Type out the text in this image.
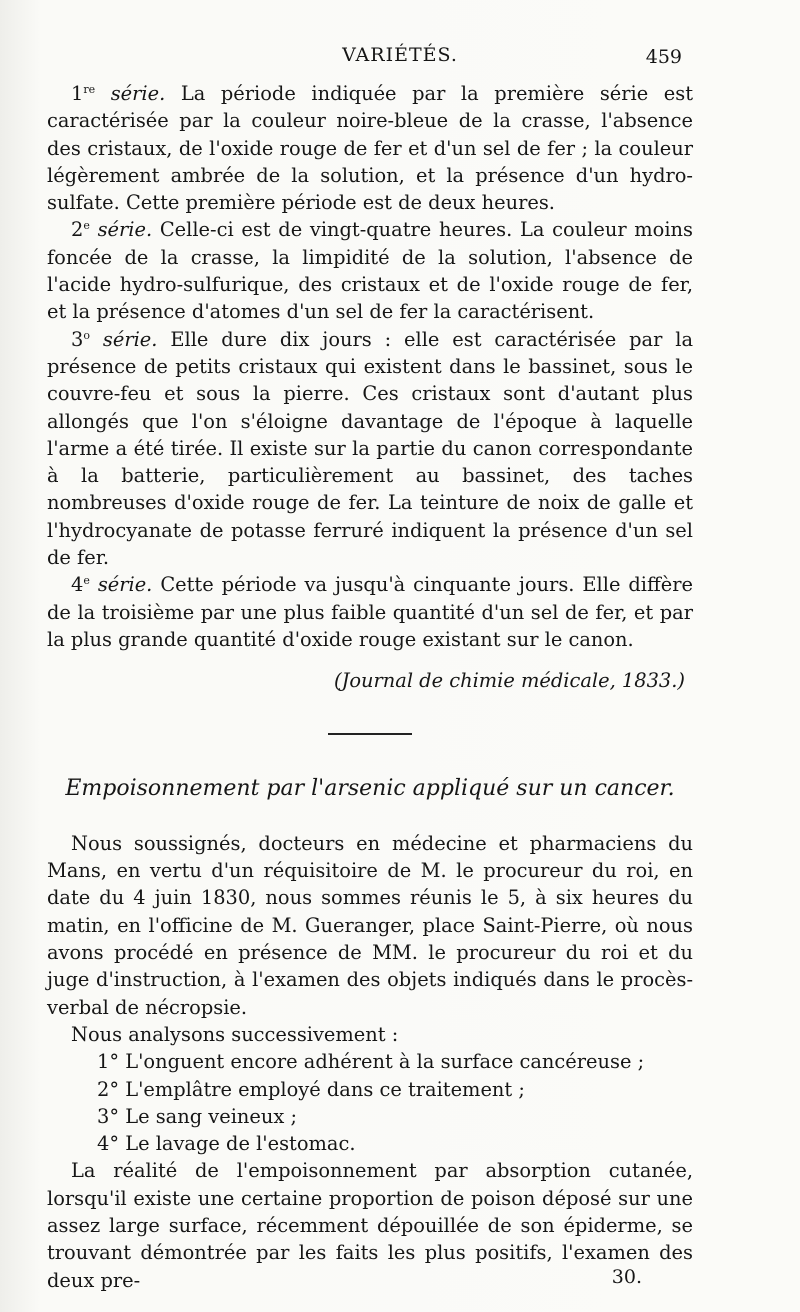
VARIÉTÉS.	459

1re série. La période indiquée par la première série est caractérisée par la couleur noire-bleue de la crasse, l'absence des cristaux, de l'oxide rouge de fer et d'un sel de fer ; la couleur légèrement ambrée de la solution, et la présence d'un hydro-sulfate. Cette première période est de deux heures.

2e série. Celle-ci est de vingt-quatre heures. La couleur moins foncée de la crasse, la limpidité de la solution, l'absence de l'acide hydro-sulfurique, des cristaux et de l'oxide rouge de fer, et la présence d'atomes d'un sel de fer la caractérisent.

3$^o$ série. Elle dure dix jours : elle est caractérisée par la présence de petits cristaux qui existent dans le bassinet, sous le couvre-feu et sous la pierre. Ces cristaux sont d'autant plus allongés que l'on s'éloigne davantage de l'époque à laquelle l'arme a été tirée. Il existe sur la partie du canon correspondante à la batterie, particulièrement au bassinet, des taches nombreuses d'oxide rouge de fer. La teinture de noix de galle et l'hydrocyanate de potasse ferruré indiquent la présence d'un sel de fer.

4e série. Cette période va jusqu'à cinquante jours. Elle diffère de la troisième par une plus faible quantité d'un sel de fer, et par la plus grande quantité d'oxide rouge existant sur le canon.

(Journal de chimie médicale, 1833.)
Empoisonnement par l'arsenic appliqué sur un cancer.

Nous soussignés, docteurs en médecine et pharmaciens du Mans, en vertu d'un réquisitoire de M. le procureur du roi, en date du 4 juin 1830, nous sommes réunis le 5, à six heures du matin, en l'officine de M. Gueranger, place Saint-Pierre, où nous avons procédé en présence de MM. le procureur du roi et du juge d'instruction, à l'examen des objets indiqués dans le procès-verbal de nécropsie.

Nous analysons successivement :

1° L'onguent encore adhérent à la surface cancéreuse ;
2° L'emplâtre employé dans ce traitement ;
3° Le sang veineux ;
4° Le lavage de l'estomac.

La réalité de l'empoisonnement par absorption cutanée, lorsqu'il existe une certaine proportion de poison déposé sur une assez large surface, récemment dépouillée de son épiderme, se trouvant démontrée par les faits les plus positifs, l'examen des deux pre-	30.
